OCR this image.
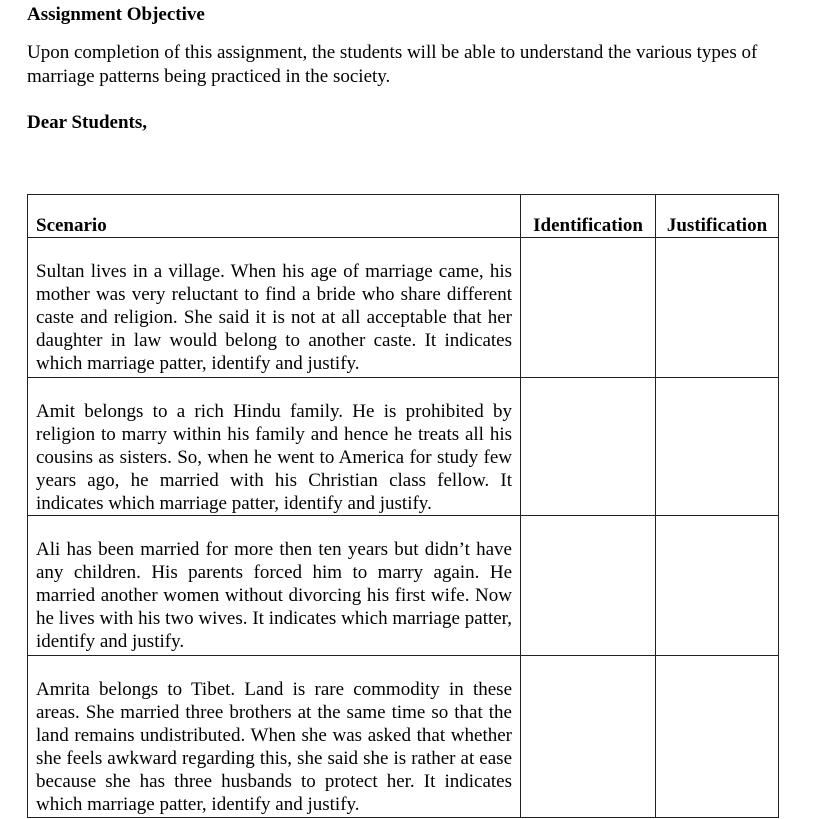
Assignment Objective

Upon completion of this assignment, the students will be able to understand the various types of marriage patterns being practiced in the society.

Dear Students,

Scenario	Identification	Justification
Sultan lives in a village. When his age of marriage came, his mother was very reluctant to find a bride who share different caste and religion. She said it is not at all acceptable that her daughter in law would belong to another caste. It indicates which marriage patter, identify and justify.		
Amit belongs to a rich Hindu family. He is prohibited by religion to marry within his family and hence he treats all his cousins as sisters. So, when he went to America for study few years ago, he married with his Christian class fellow. It indicates which marriage patter, identify and justify.		
Ali has been married for more then ten years but didn’t have any children. His parents forced him to marry again. He married another women without divorcing his first wife. Now he lives with his two wives. It indicates which marriage patter, identify and justify.		
Amrita belongs to Tibet. Land is rare commodity in these areas. She married three brothers at the same time so that the land remains undistributed. When she was asked that whether she feels awkward regarding this, she said she is rather at ease because she has three husbands to protect her. It indicates which marriage patter, identify and justify.		
